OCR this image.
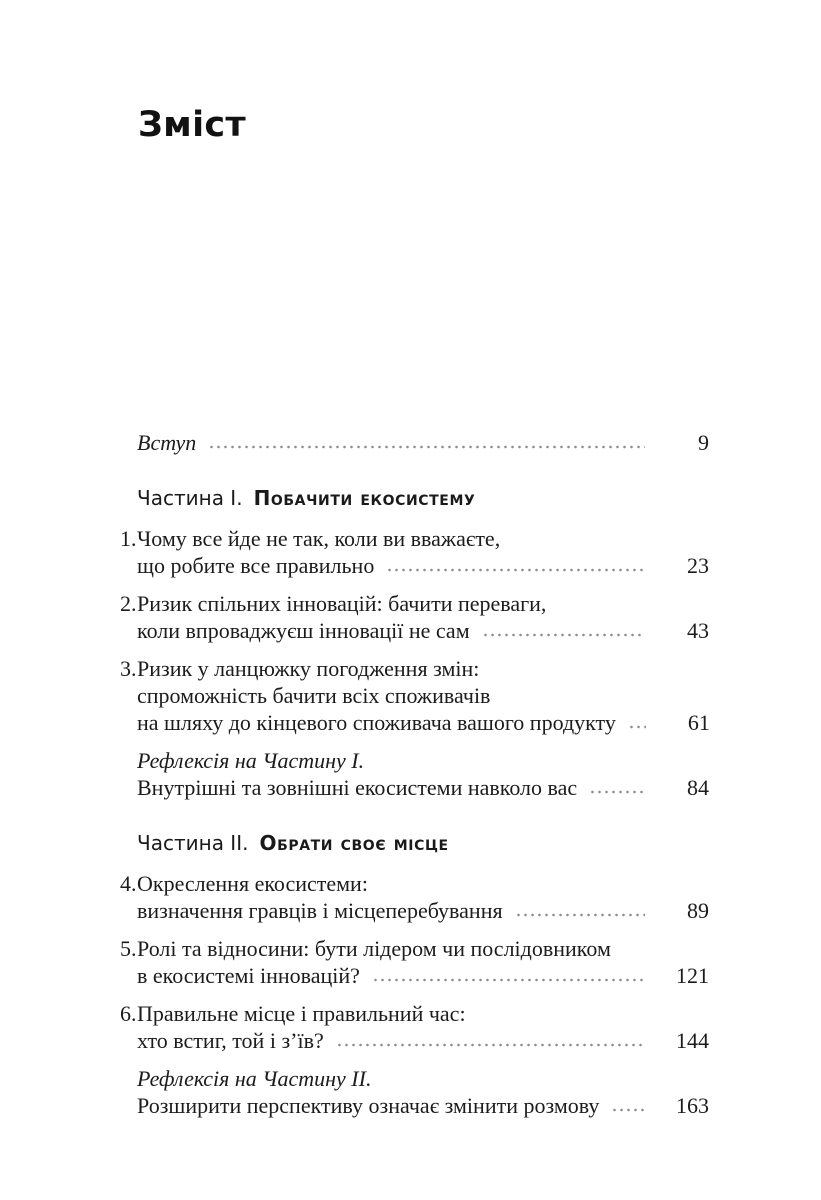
Зміст
Вступ	9
Частина I. Побачити екосистему
1. Чому все йде не так, коли ви вважаєте,
що робите все правильно	23
2. Ризик спільних інновацій: бачити переваги,
коли впроваджуєш інновації не сам	43
3. Ризик у ланцюжку погодження змін:
спроможність бачити всіх споживачів
на шляху до кінцевого споживача вашого продукту	61
Рефлексія на Частину I.
Внутрішні та зовнішні екосистеми навколо вас	84
Частина II. Обрати своє місце
4. Окреслення екосистеми:
визначення гравців і місцеперебування	89
5. Ролі та відносини: бути лідером чи послідовником
в екосистемі інновацій?	121
6. Правильне місце і правильний час:
хто встиг, той і з’їв?	144
Рефлексія на Частину II.
Розширити перспективу означає змінити розмову	163
